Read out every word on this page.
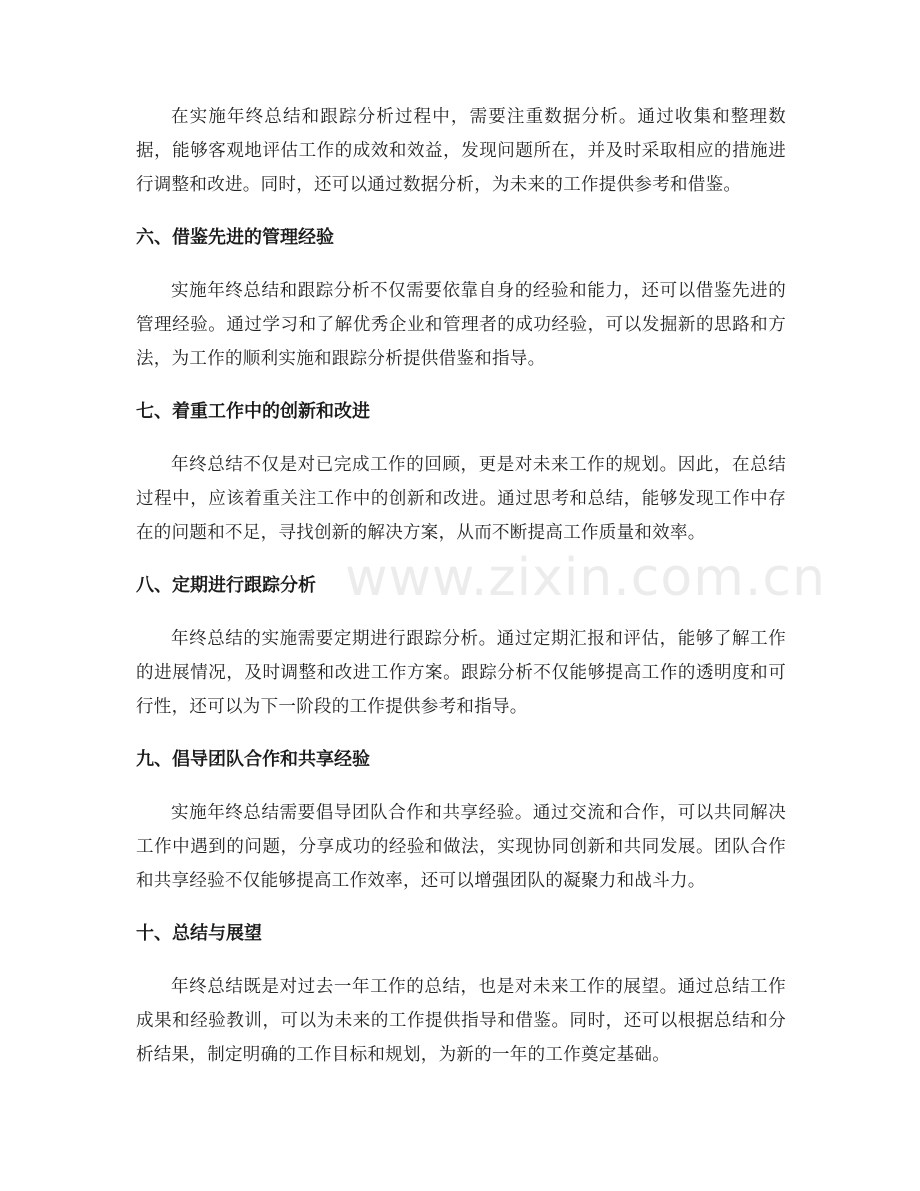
在实施年终总结和跟踪分析过程中，需要注重数据分析。通过收集和整理数据，能够客观地评估工作的成效和效益，发现问题所在，并及时采取相应的措施进行调整和改进。同时，还可以通过数据分析，为未来的工作提供参考和借鉴。

六、借鉴先进的管理经验

实施年终总结和跟踪分析不仅需要依靠自身的经验和能力，还可以借鉴先进的管理经验。通过学习和了解优秀企业和管理者的成功经验，可以发掘新的思路和方法，为工作的顺利实施和跟踪分析提供借鉴和指导。

七、着重工作中的创新和改进

年终总结不仅是对已完成工作的回顾，更是对未来工作的规划。因此，在总结过程中，应该着重关注工作中的创新和改进。通过思考和总结，能够发现工作中存在的问题和不足，寻找创新的解决方案，从而不断提高工作质量和效率。

八、定期进行跟踪分析

年终总结的实施需要定期进行跟踪分析。通过定期汇报和评估，能够了解工作的进展情况，及时调整和改进工作方案。跟踪分析不仅能够提高工作的透明度和可行性，还可以为下一阶段的工作提供参考和指导。

九、倡导团队合作和共享经验

实施年终总结需要倡导团队合作和共享经验。通过交流和合作，可以共同解决工作中遇到的问题，分享成功的经验和做法，实现协同创新和共同发展。团队合作和共享经验不仅能够提高工作效率，还可以增强团队的凝聚力和战斗力。

十、总结与展望

年终总结既是对过去一年工作的总结，也是对未来工作的展望。通过总结工作成果和经验教训，可以为未来的工作提供指导和借鉴。同时，还可以根据总结和分析结果，制定明确的工作目标和规划，为新的一年的工作奠定基础。

www.zixin.com.cn
